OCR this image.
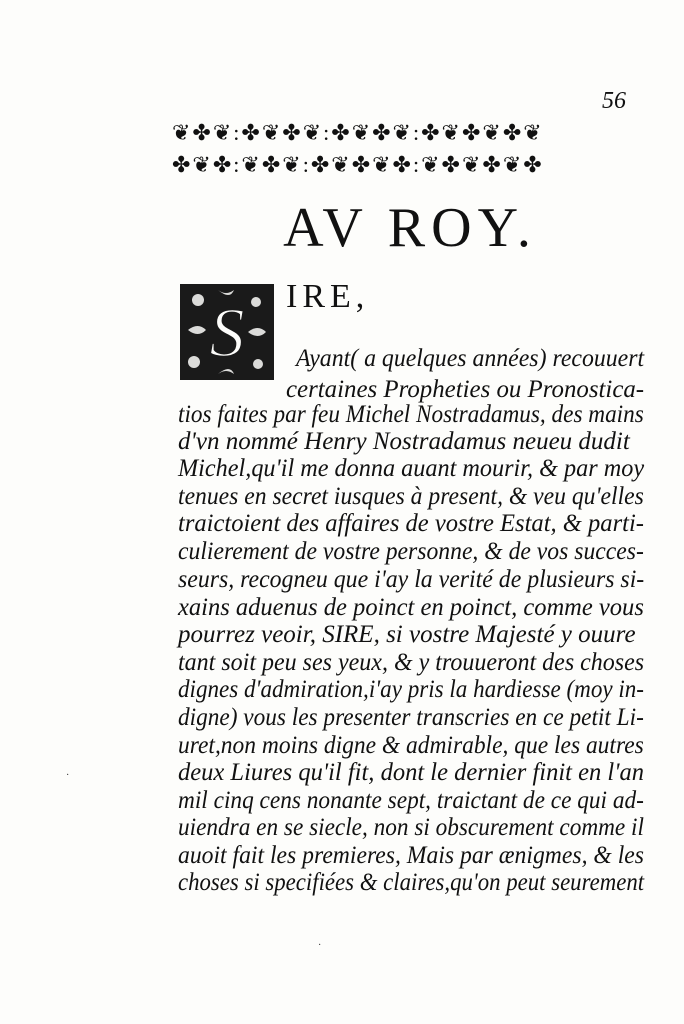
56
❦✤❦:✤❦✤❦:✤❦✤❦:✤❦✤❦✤❦
✤❦✤:❦✤❦:✤❦✤❦✤:❦✤❦✤❦✤
AV ROY.
S IRE,
Ayant( a quelques années) recouuert
certaines Propheties ou Pronostica-
tios faites par feu Michel Nostradamus, des mains
d'vn nommé Henry Nostradamus neueu dudit
Michel,qu'il me donna auant mourir, & par moy
tenues en secret iusques à present, & veu qu'elles
traictoient des affaires de vostre Estat, & parti-
culierement de vostre personne, & de vos succes-
seurs, recogneu que i'ay la verité de plusieurs si-
xains aduenus de poinct en poinct, comme vous
pourrez veoir, SIRE, si vostre Majesté y ouure
tant soit peu ses yeux, & y trouueront des choses
dignes d'admiration,i'ay pris la hardiesse (moy in-
digne) vous les presenter transcries en ce petit Li-
uret,non moins digne & admirable, que les autres
deux Liures qu'il fit, dont le dernier finit en l'an
mil cinq cens nonante sept, traictant de ce qui ad-
uiendra en se siecle, non si obscurement comme il
auoit fait les premieres, Mais par ænigmes, & les
choses si specifiées & claires,qu'on peut seurement
·
·
